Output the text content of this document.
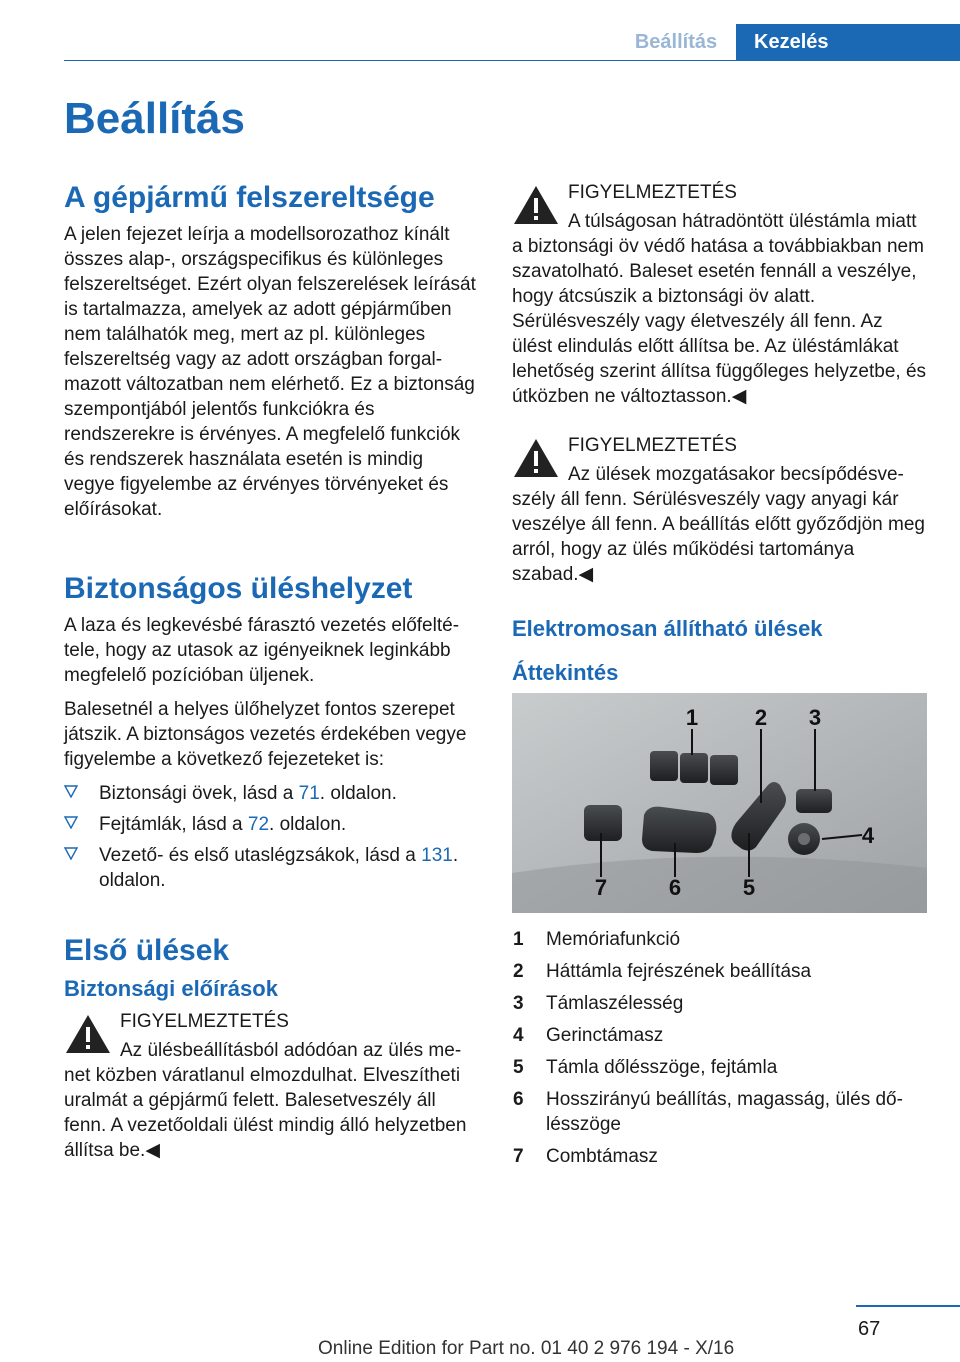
Beállítás	Kezelés
Beállítás
A gépjármű felszereltsége

A jelen fejezet leírja a modellsorozathoz kínált összes alap-, országspecifikus és különleges felszereltséget. Ezért olyan felszerelések leírását is tartalmazza, amelyek az adott gépjárműben nem találhatók meg, mert az pl. különleges felszereltség vagy az adott országban forgalmazott változatban nem elérhető. Ez a biztonság szempontjából jelentős funkciókra és rendszerekre is érvényes. A megfelelő funkciók és rendszerek használata esetén is mindig vegye figyelembe az érvényes törvényeket és előírásokat.

Biztonságos üléshelyzet

A laza és legkevésbé fárasztó vezetés előfeltétele, hogy az utasok az igényeiknek leginkább megfelelő pozícióban üljenek.

Balesetnél a helyes ülőhelyzet fontos szerepet játszik. A biztonságos vezetés érdekében vegye figyelembe a következő fejezeteket is:

Biztonsági övek, lásd a 71. oldalon.
Fejtámlák, lásd a 72. oldalon.
Vezető- és első utaslégzsákok, lásd a 131. oldalon.
Első ülések
Biztonsági előírások
FIGYELMEZTETÉS
Az ülésbeállításból adódóan az ülés menet közben váratlanul elmozdulhat. Elveszítheti uralmát a gépjármű felett. Balesetveszély áll fenn. A vezetőoldali ülést mindig álló helyzetben állítsa be.◀
FIGYELMEZTETÉS
A túlságosan hátradöntött üléstámla miatt a biztonsági öv védő hatása a továbbiakban nem szavatolható. Baleset esetén fennáll a veszélye, hogy átcsúszik a biztonsági öv alatt. Sérülésveszély vagy életveszély áll fenn. Az ülést elindulás előtt állítsa be. Az üléstámlákat lehetőség szerint állítsa függőleges helyzetbe, és útközben ne változtasson.◀
FIGYELMEZTETÉS
Az ülések mozgatásakor becsípődésveszély áll fenn. Sérülésveszély vagy anyagi kár veszélye áll fenn. A beállítás előtt győződjön meg arról, hogy az ülés működési tartománya szabad.◀
Elektromosan állítható ülések
Áttekintés
1	2 3
4
5
6
7
1 Memóriafunkció
2 Háttámla fejrészének beállítása
3 Támlaszélesség
4 Gerinctámasz
5 Támla dőlésszöge, fejtámla
6 Hosszirányú beállítás, magasság, ülés dőlésszöge
7 Combtámasz
67
Online Edition for Part no. 01 40 2 976 194 - X/16
